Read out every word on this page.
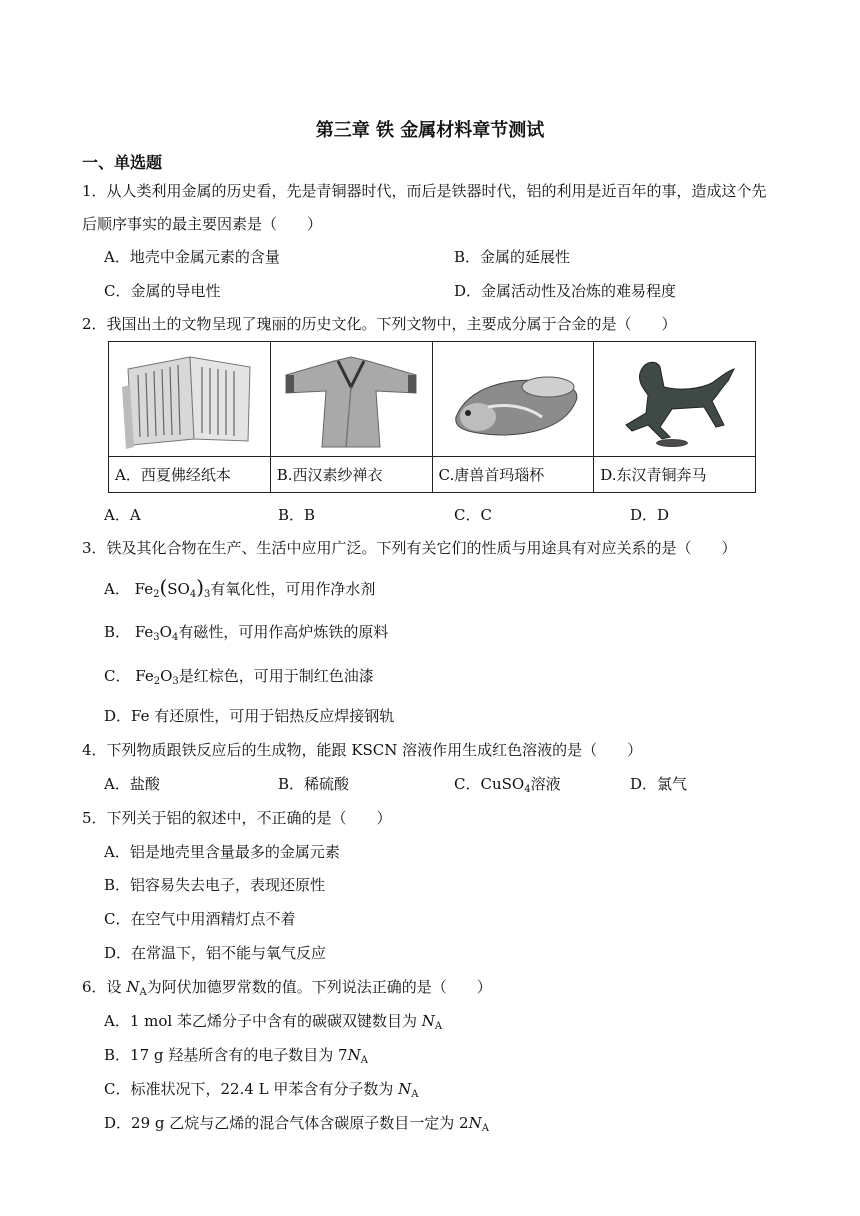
第三章 铁 金属材料章节测试
一、单选题
1．从人类利用金属的历史看，先是青铜器时代，而后是铁器时代，铝的利用是近百年的事，造成这个先
后顺序事实的最主要因素是（　　）
A．地壳中金属元素的含量	B．金属的延展性
C．金属的导电性	D．金属活动性及冶炼的难易程度
2．我国出土的文物呈现了瑰丽的历史文化。下列文物中，主要成分属于合金的是（　　）

A．西夏佛经纸本	B.西汉素纱禅衣	C.唐兽首玛瑙杯	D.东汉青铜奔马
A．A	B．B	C．C	D．D
3．铁及其化合物在生产、生活中应用广泛。下列有关它们的性质与用途具有对应关系的是（　　）
A． $Fe_2(SO_4)_3$有氧化性，可用作净水剂
B． $Fe_3O_4$有磁性，可用作高炉炼铁的原料
C． $Fe_2O_3$是红棕色，可用于制红色油漆
D．Fe 有还原性，可用于铝热反应焊接钢轨
4．下列物质跟铁反应后的生成物，能跟 KSCN 溶液作用生成红色溶液的是（　　）
A．盐酸	B．稀硫酸	C．CuSO$_4$溶液	D．氯气
5．下列关于铝的叙述中，不正确的是（　　）
A．铝是地壳里含量最多的金属元素
B．铝容易失去电子，表现还原性
C．在空气中用酒精灯点不着
D．在常温下，铝不能与氧气反应
6．设 $N_A$为阿伏加德罗常数的值。下列说法正确的是（　　）
A．1 mol 苯乙烯分子中含有的碳碳双键数目为 $N_A$
B．17 g 羟基所含有的电子数目为 $7N_A$
C．标准状况下，22.4 L 甲苯含有分子数为 $N_A$
D．29 g 乙烷与乙烯的混合气体含碳原子数目一定为 $2N_A$
